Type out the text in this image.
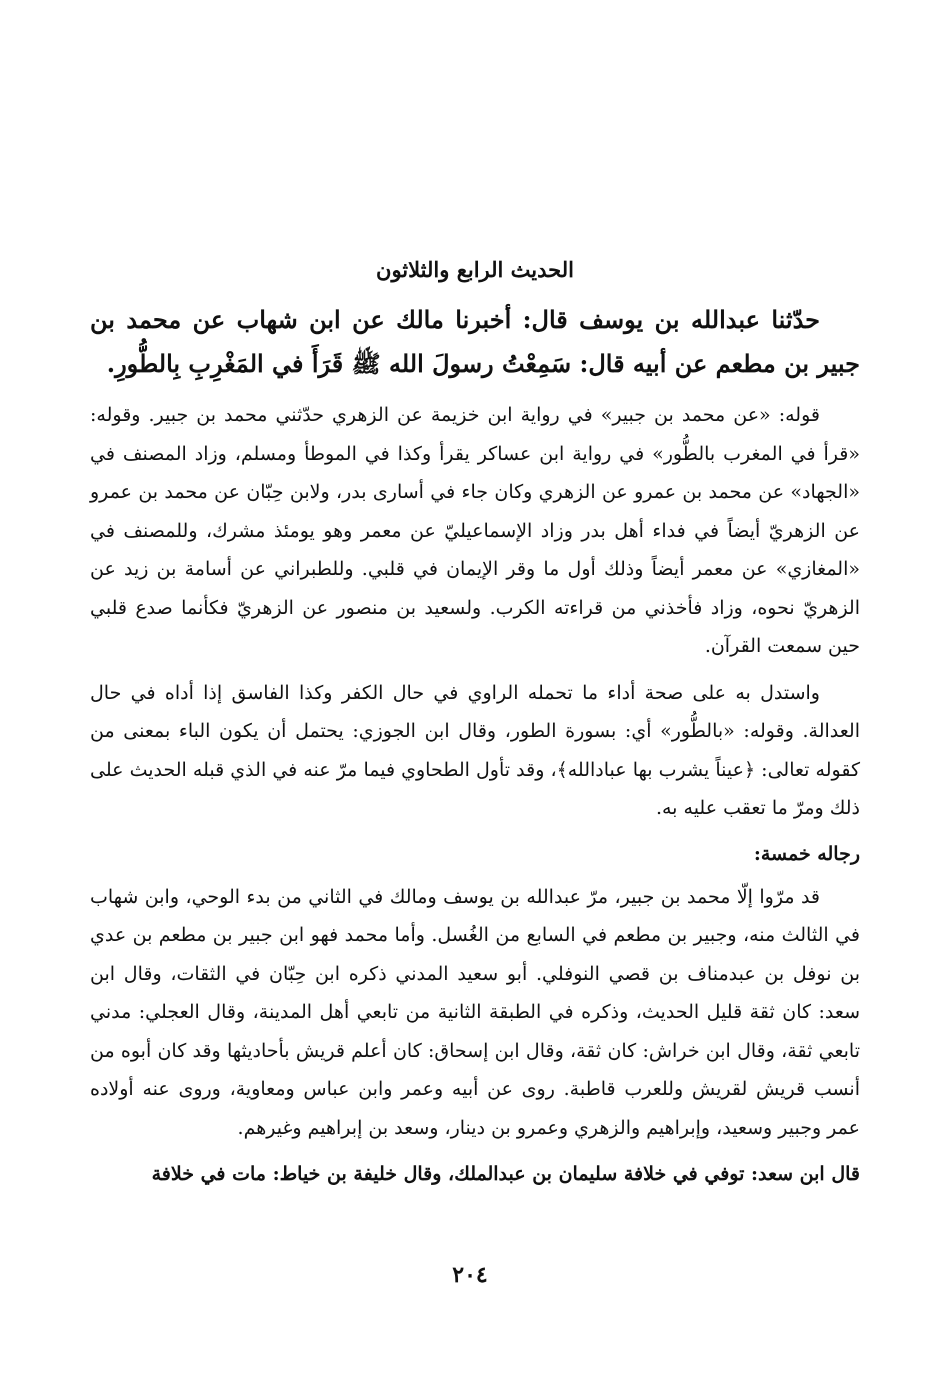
الحديث الرابع والثلاثون

حدّثنا عبدالله بن يوسف قال: أخبرنا مالك عن ابن شهاب عن محمد بن جبير بن مطعم عن أبيه قال: سَمِعْتُ رسولَ الله ﷺ قَرَأَ في المَغْرِبِ بِالطُّورِ.

قوله: «عن محمد بن جبير» في رواية ابن خزيمة عن الزهري حدّثني محمد بن جبير. وقوله: «قرأ في المغرب بالطُّور» في رواية ابن عساكر يقرأ وكذا في الموطأ ومسلم، وزاد المصنف في «الجهاد» عن محمد بن عمرو عن الزهري وكان جاء في أسارى بدر، ولابن حِبّان عن محمد بن عمرو عن الزهريّ أيضاً في فداء أهل بدر وزاد الإسماعيليّ عن معمر وهو يومئذ مشرك، وللمصنف في «المغازي» عن معمر أيضاً وذلك أول ما وقر الإيمان في قلبي. وللطبراني عن أسامة بن زيد عن الزهريّ نحوه، وزاد فأخذني من قراءته الكرب. ولسعيد بن منصور عن الزهريّ فكأنما صدع قلبي حين سمعت القرآن.

واستدل به على صحة أداء ما تحمله الراوي في حال الكفر وكذا الفاسق إذا أداه في حال العدالة. وقوله: «بالطُّور» أي: بسورة الطور، وقال ابن الجوزي: يحتمل أن يكون الباء بمعنى من كقوله تعالى: ﴿عيناً يشرب بها عبادالله﴾، وقد تأول الطحاوي فيما مرّ عنه في الذي قبله الحديث على ذلك ومرّ ما تعقب عليه به.

رجاله خمسة:

قد مرّوا إلّا محمد بن جبير، مرّ عبدالله بن يوسف ومالك في الثاني من بدء الوحي، وابن شهاب في الثالث منه، وجبير بن مطعم في السابع من الغُسل. وأما محمد فهو ابن جبير بن مطعم بن عدي بن نوفل بن عبدمناف بن قصي النوفلي. أبو سعيد المدني ذكره ابن حِبّان في الثقات، وقال ابن سعد: كان ثقة قليل الحديث، وذكره في الطبقة الثانية من تابعي أهل المدينة، وقال العجلي: مدني تابعي ثقة، وقال ابن خراش: كان ثقة، وقال ابن إسحاق: كان أعلم قريش بأحاديثها وقد كان أبوه من أنسب قريش لقريش وللعرب قاطبة. روى عن أبيه وعمر وابن عباس ومعاوية، وروى عنه أولاده عمر وجبير وسعيد، وإبراهيم والزهري وعمرو بن دينار، وسعد بن إبراهيم وغيرهم.

قال ابن سعد: توفي في خلافة سليمان بن عبدالملك، وقال خليفة بن خياط: مات في خلافة

٢٠٤
